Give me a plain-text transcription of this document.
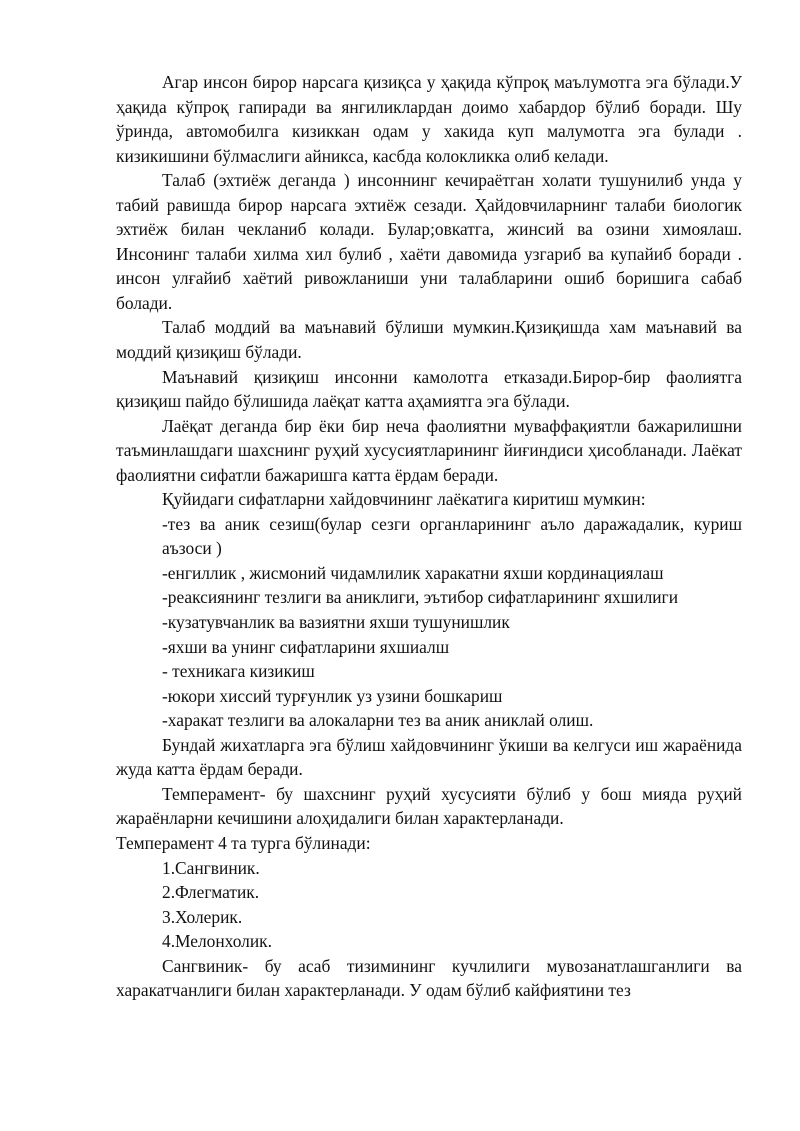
Агар инсон бирор нарсага қизиқса у ҳақида кўпроқ маълумотга эга бўлади.У ҳақида кўпроқ гапиради ва янгиликлардан доимо хабардор бўлиб боради. Шу ўринда, автомобилга кизиккан одам у хакида куп малумотга эга булади . кизикишини бўлмаслиги айникса, касбда колокликка олиб келади.

Талаб (эхтиёж деганда ) инсоннинг кечираётган холати тушунилиб унда у табий равишда бирор нарсага эхтиёж сезади. Ҳайдовчиларнинг талаби биологик эхтиёж билан чекланиб колади. Булар;овкатга, жинсий ва озини химоялаш. Инсонинг талаби хилма хил булиб , хаёти давомида узгариб ва купайиб боради . инсон улғайиб хаётий ривожланиши уни талабларини ошиб боришига сабаб болади.

Талаб моддий ва маънавий бўлиши мумкин.Қизиқишда хам маънавий ва моддий қизиқиш бўлади.

Маънавий қизиқиш инсонни камолотга етказади.Бирор-бир фаолиятга қизиқиш пайдо бўлишида лаёқат катта аҳамиятга эга бўлади.

Лаёқат деганда бир ёки бир неча фаолиятни муваффақиятли бажарилишни таъминлашдаги шахснинг руҳий хусусиятларининг йиғиндиси ҳисобланади. Лаёкат фаолиятни сифатли бажаришга катта ёрдам беради.

Қуйидаги сифатларни хайдовчининг лаёкатига киритиш мумкин:

-тез ва аник сезиш(булар сезги органларининг аъло даражадалик, куриш аъзоси )

-енгиллик , жисмоний чидамлилик харакатни яхши кординациялаш

-реаксиянинг тезлиги ва аниклиги, эътибор сифатларининг яхшилиги

-кузатувчанлик ва вазиятни яхши тушунишлик

-яхши ва унинг сифатларини яхшиалш

- техникага кизикиш

-юкори хиссий турғунлик уз узини бошкариш

-харакат тезлиги ва алокаларни тез ва аник аниклай олиш.

Бундай жихатларга эга бўлиш хайдовчининг ўкиши ва келгуси иш жараёнида жуда катта ёрдам беради.

Темперамент- бу шахснинг руҳий хусусияти бўлиб у бош мияда руҳий жараёнларни кечишини алоҳидалиги билан характерланади.

Темперамент 4 та турга бўлинади:

1.Сангвиник.

2.Флегматик.

3.Холерик.

4.Мелонхолик.

Сангвиник- бу асаб тизимининг кучлилиги мувозанатлашганлиги ва харакатчанлиги билан характерланади. У одам бўлиб кайфиятини тез
